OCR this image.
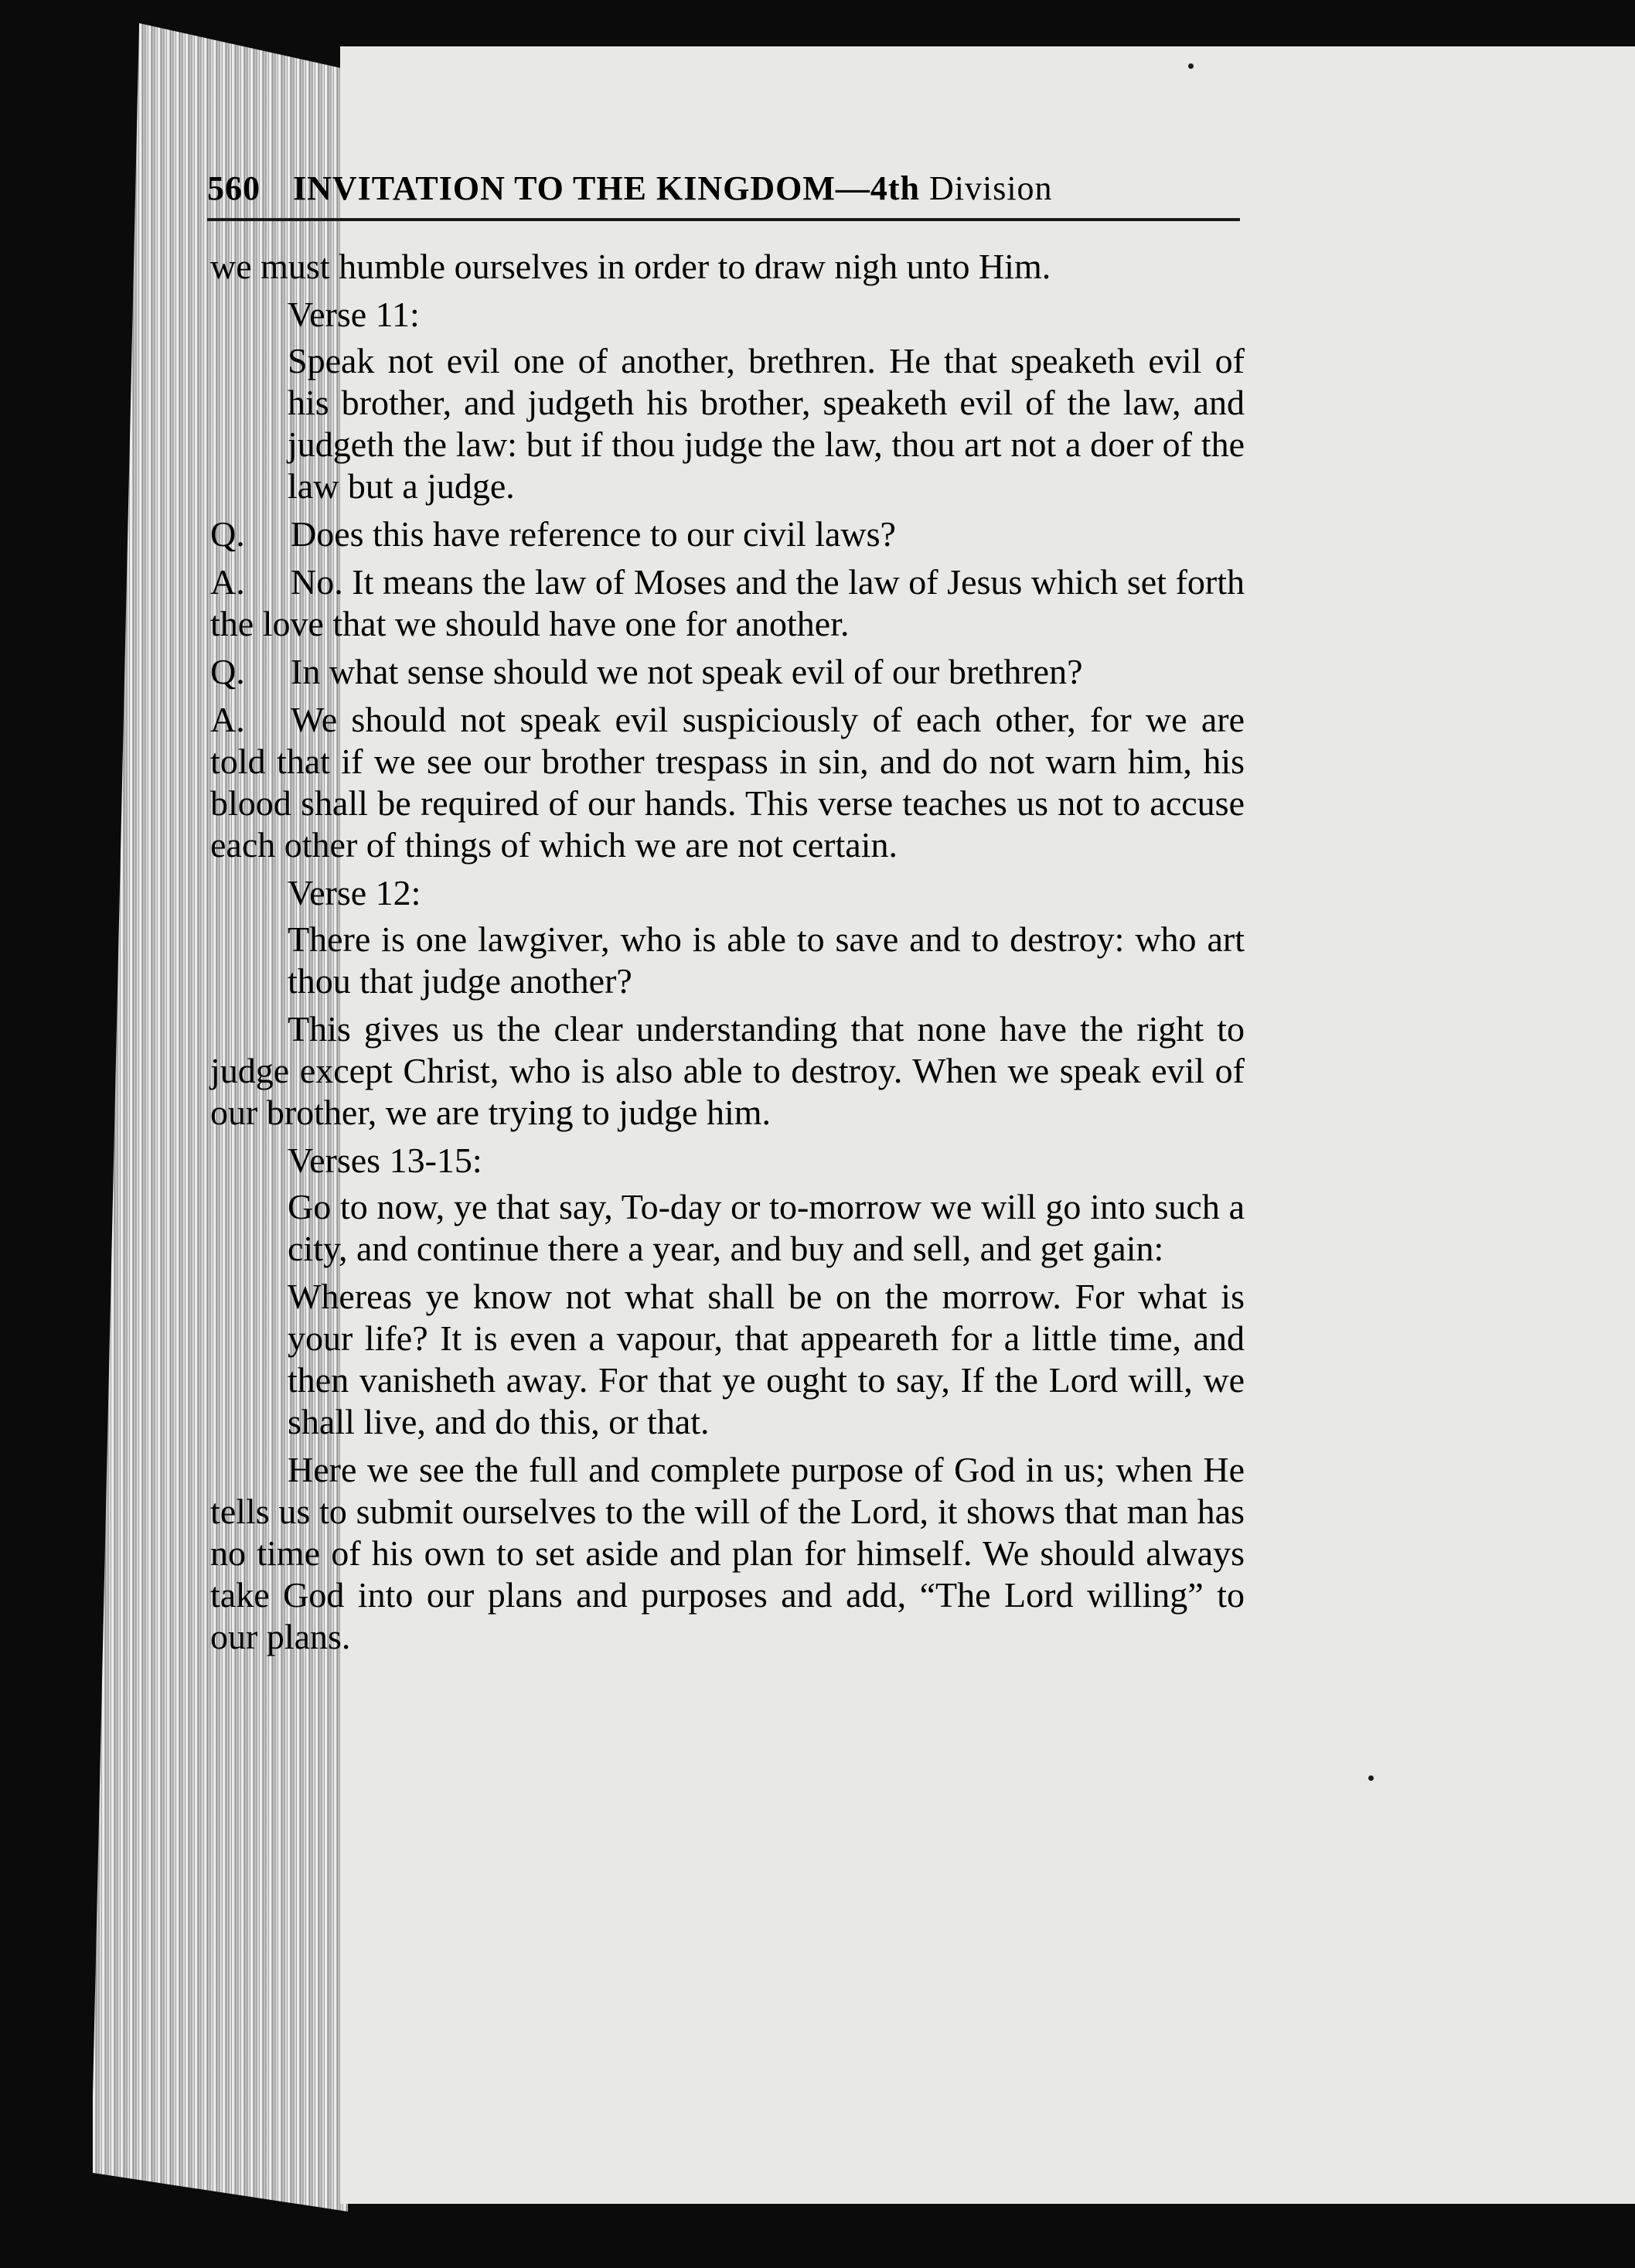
560 INVITATION TO THE KINGDOM—4th Division

we must humble ourselves in order to draw nigh unto Him.

Verse 11:

Speak not evil one of another, brethren. He that speaketh evil of his brother, and judgeth his brother, speaketh evil of the law, and judgeth the law: but if thou judge the law, thou art not a doer of the law but a judge.

Q. Does this have reference to our civil laws?

A. No. It means the law of Moses and the law of Jesus which set forth the love that we should have one for another.

Q. In what sense should we not speak evil of our brethren?

A. We should not speak evil suspiciously of each other, for we are told that if we see our brother trespass in sin, and do not warn him, his blood shall be required of our hands. This verse teaches us not to accuse each other of things of which we are not certain.

Verse 12:

There is one lawgiver, who is able to save and to destroy: who art thou that judge another?

This gives us the clear understanding that none have the right to judge except Christ, who is also able to destroy. When we speak evil of our brother, we are trying to judge him.

Verses 13-15:

Go to now, ye that say, To-day or to-morrow we will go into such a city, and continue there a year, and buy and sell, and get gain:

Whereas ye know not what shall be on the morrow. For what is your life? It is even a vapour, that appeareth for a little time, and then vanisheth away. For that ye ought to say, If the Lord will, we shall live, and do this, or that.

Here we see the full and complete purpose of God in us; when He tells us to submit ourselves to the will of the Lord, it shows that man has no time of his own to set aside and plan for himself. We should always take God into our plans and purposes and add, “The Lord willing” to our plans.
